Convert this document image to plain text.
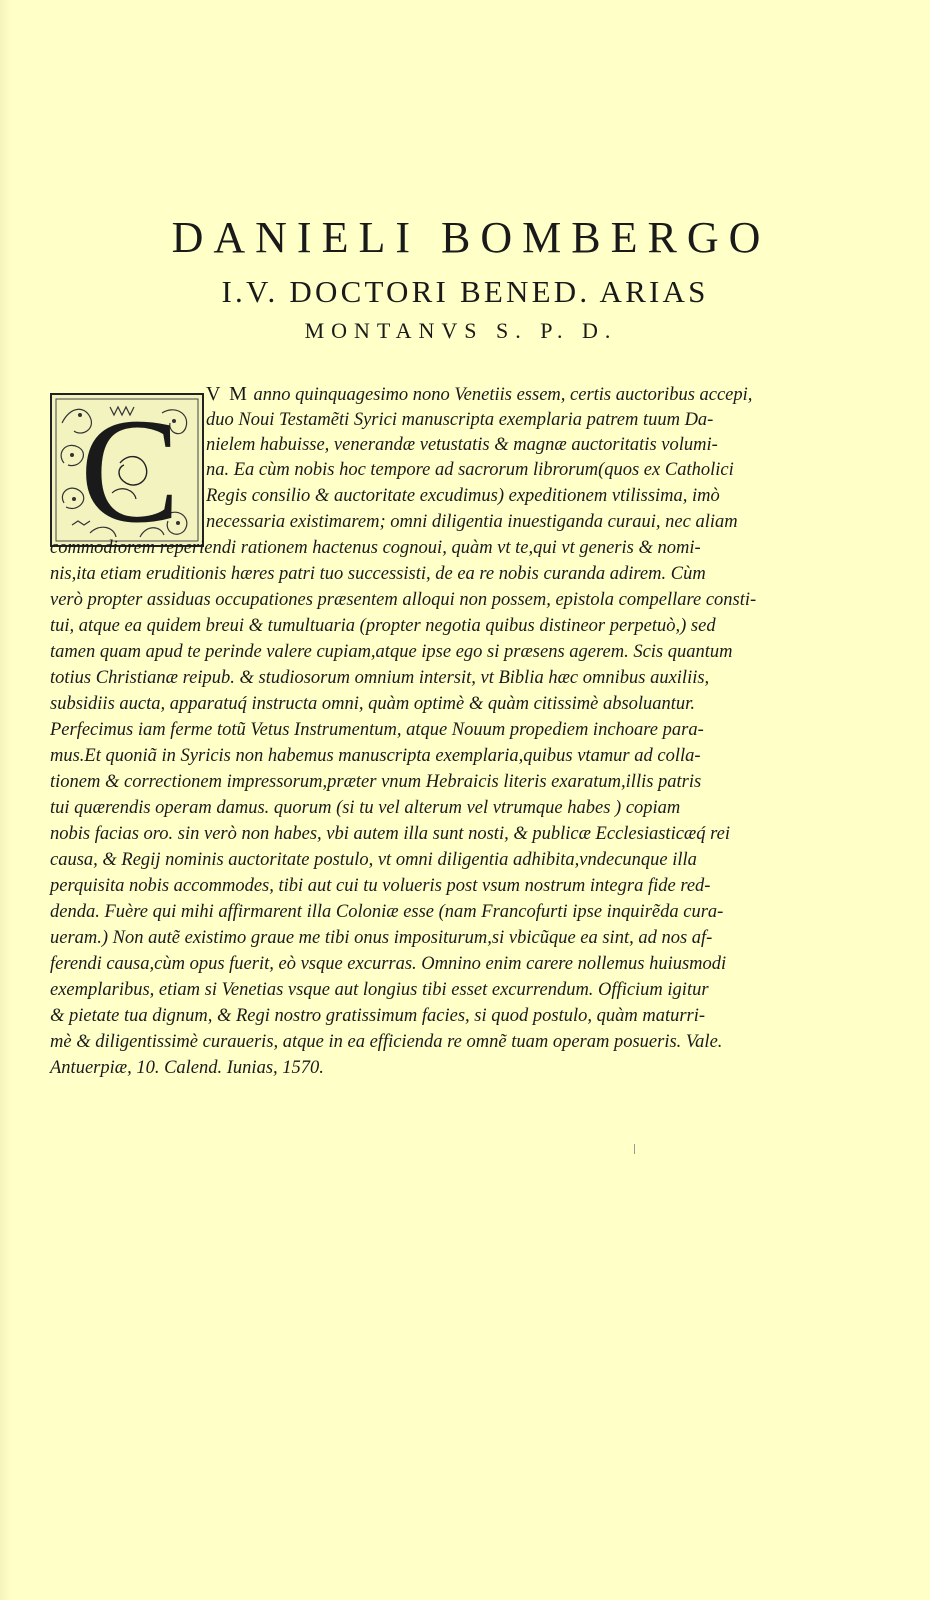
DANIELI BOMBERGO
I.V. DOCTORI BENED. ARIAS
MONTANVS S. P. D.
C V M anno quinquagesimo nono Venetiis essem, certis auctoribus accepi,
duo Noui Testamẽti Syrici manuscripta exemplaria patrem tuum Da-
nielem habuisse, venerandæ vetustatis & magnæ auctoritatis volumi-
na. Ea cùm nobis hoc tempore ad sacrorum librorum(quos ex Catholici
Regis consilio & auctoritate excudimus) expeditionem vtilissima, imò
necessaria existimarem; omni diligentia inuestiganda curaui, nec aliam
commodiorem reperiendi rationem hactenus cognoui, quàm vt te,qui vt generis & nomi-
nis,ita etiam eruditionis hæres patri tuo successisti, de ea re nobis curanda adirem. Cùm
verò propter assiduas occupationes præsentem alloqui non possem, epistola compellare consti-
tui, atque ea quidem breui & tumultuaria (propter negotia quibus distineor perpetuò,) sed
tamen quam apud te perinde valere cupiam,atque ipse ego si præsens agerem. Scis quantum
totius Christianæ reipub. & studiosorum omnium intersit, vt Biblia hæc omnibus auxiliis,
subsidiis aucta, apparatuq́ instructa omni, quàm optimè & quàm citissimè absoluantur.
Perfecimus iam ferme totũ Vetus Instrumentum, atque Nouum propediem inchoare para-
mus.Et quoniã in Syricis non habemus manuscripta exemplaria,quibus vtamur ad colla-
tionem & correctionem impressorum,præter vnum Hebraicis literis exaratum,illis patris
tui quærendis operam damus. quorum (si tu vel alterum vel vtrumque habes ) copiam
nobis facias oro. sin verò non habes, vbi autem illa sunt nosti, & publicæ Ecclesiasticæq́ rei
causa, & Regij nominis auctoritate postulo, vt omni diligentia adhibita,vndecunque illa
perquisita nobis accommodes, tibi aut cui tu volueris post vsum nostrum integra fide red-
denda. Fuère qui mihi affirmarent illa Coloniæ esse (nam Francofurti ipse inquirẽda cura-
ueram.) Non autẽ existimo graue me tibi onus impositurum,si vbicũque ea sint, ad nos af-
ferendi causa,cùm opus fuerit, eò vsque excurras. Omnino enim carere nollemus huiusmodi
exemplaribus, etiam si Venetias vsque aut longius tibi esset excurrendum. Officium igitur
& pietate tua dignum, & Regi nostro gratissimum facies, si quod postulo, quàm maturri-
mè & diligentissimè curaueris, atque in ea efficienda re omnẽ tuam operam posueris. Vale.
Antuerpiæ, 10. Calend. Iunias, 1570.
